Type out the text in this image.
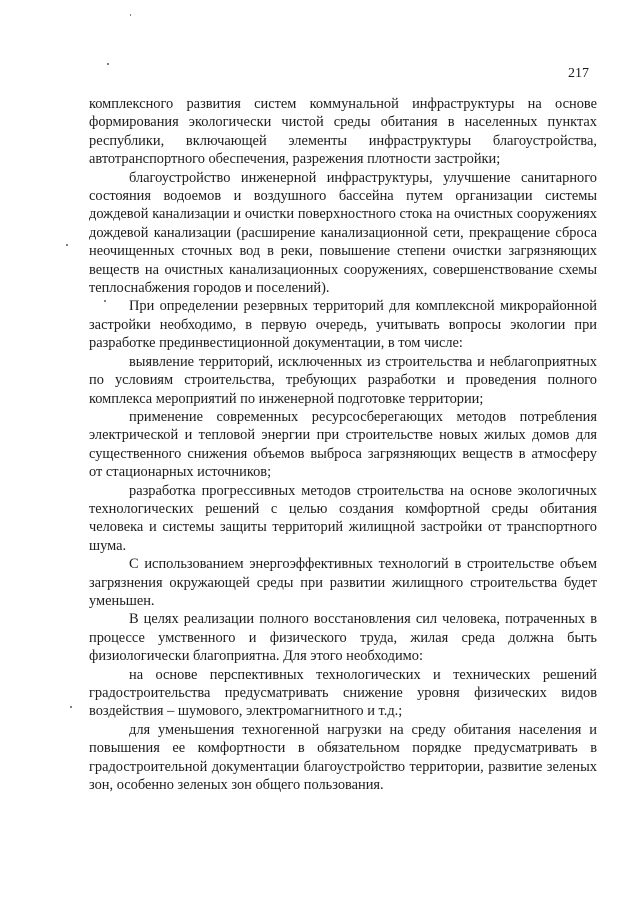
217

комплексного развития систем коммунальной инфраструктуры на основе формирования экологически чистой среды обитания в населенных пунктах республики, включающей элементы инфраструктуры благоустройства, автотранспортного обеспечения, разрежения плотности застройки;

благоустройство инженерной инфраструктуры, улучшение санитарного состояния водоемов и воздушного бассейна путем организации системы дождевой канализации и очистки поверхностного стока на очистных сооружениях дождевой канализации (расширение канализационной сети, прекращение сброса неочищенных сточных вод в реки, повышение степени очистки загрязняющих веществ на очистных канализационных сооружениях, совершенствование схемы теплоснабжения городов и поселений).

При определении резервных территорий для комплексной микрорайонной застройки необходимо, в первую очередь, учитывать вопросы экологии при разработке прединвестиционной документации, в том числе:

выявление территорий, исключенных из строительства и неблагоприятных по условиям строительства, требующих разработки и проведения полного комплекса мероприятий по инженерной подготовке территории;

применение современных ресурсосберегающих методов потребления электрической и тепловой энергии при строительстве новых жилых домов для существенного снижения объемов выброса загрязняющих веществ в атмосферу от стационарных источников;

разработка прогрессивных методов строительства на основе экологичных технологических решений с целью создания комфортной среды обитания человека и системы защиты территорий жилищной застройки от транспортного шума.

С использованием энергоэффективных технологий в строительстве объем загрязнения окружающей среды при развитии жилищного строительства будет уменьшен.

В целях реализации полного восстановления сил человека, потраченных в процессе умственного и физического труда, жилая среда должна быть физиологически благоприятна. Для этого необходимо:

на основе перспективных технологических и технических решений градостроительства предусматривать снижение уровня физических видов воздействия – шумового, электромагнитного и т.д.;

для уменьшения техногенной нагрузки на среду обитания населения и повышения ее комфортности в обязательном порядке предусматривать в градостроительной документации благоустройство территории, развитие зеленых зон, особенно зеленых зон общего пользования.
